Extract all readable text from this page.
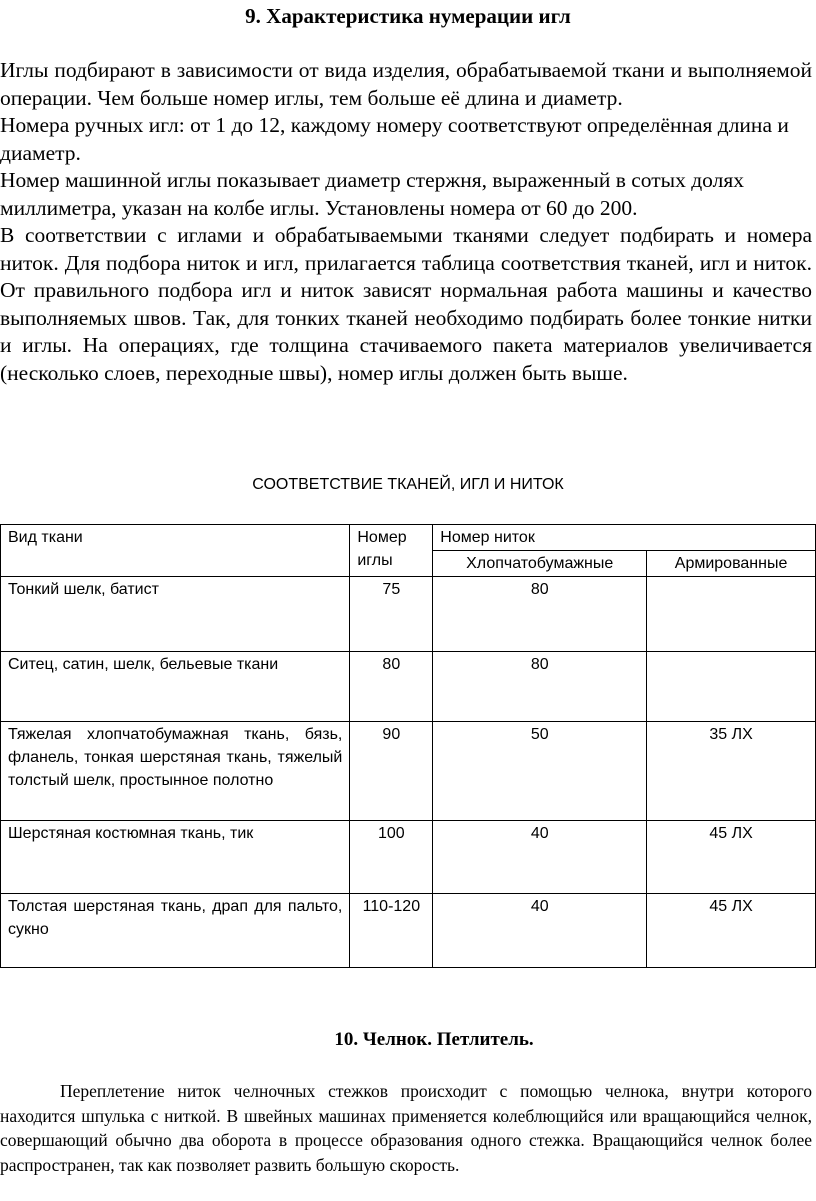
9. Характеристика нумерации игл

Иглы подбирают в зависимости от вида изделия, обрабатываемой ткани и выполняемой операции. Чем больше номер иглы, тем больше её длина и диаметр.

Номера ручных игл: от 1 до 12, каждому номеру соответствуют определённая длина и диаметр.

Номер машинной иглы показывает диаметр стержня, выраженный в сотых долях миллиметра, указан на колбе иглы. Установлены номера от 60 до 200.

В соответствии с иглами и обрабатываемыми тканями следует подбирать и номера ниток. Для подбора ниток и игл, прилагается таблица соответствия тканей, игл и ниток. От правильного подбора игл и ниток зависят нормальная работа машины и качество выполняемых швов. Так, для тонких тканей необходимо подбирать более тонкие нитки и иглы. На операциях, где толщина стачиваемого пакета материалов увеличивается (несколько слоев, переходные швы), номер иглы должен быть выше.

СООТВЕТСТВИЕ ТКАНЕЙ, ИГЛ И НИТОК
Вид ткани	Номер иглы	Номер ниток	
		Хлопчатобумажные	Армированные
Тонкий шелк, батист	75	80	
Ситец, сатин, шелк, бельевые ткани	80	80	
Тяжелая хлопчатобумажная ткань, бязь, фланель, тонкая шерстяная ткань, тяжелый толстый шелк, простынное полотно	90	50	35 ЛХ
Шерстяная костюмная ткань, тик	100	40	45 ЛХ
Толстая шерстяная ткань, драп для пальто, сукно	110-120	40	45 ЛХ
10. Челнок. Петлитель.

Переплетение ниток челночных стежков происходит с помощью челнока, внутри которого находится шпулька с ниткой. В швейных машинах применяется колеблющийся или вращающийся челнок, совершающий обычно два оборота в процессе образования одного стежка. Вращающийся челнок более распространен, так как позволяет развить большую скорость.
